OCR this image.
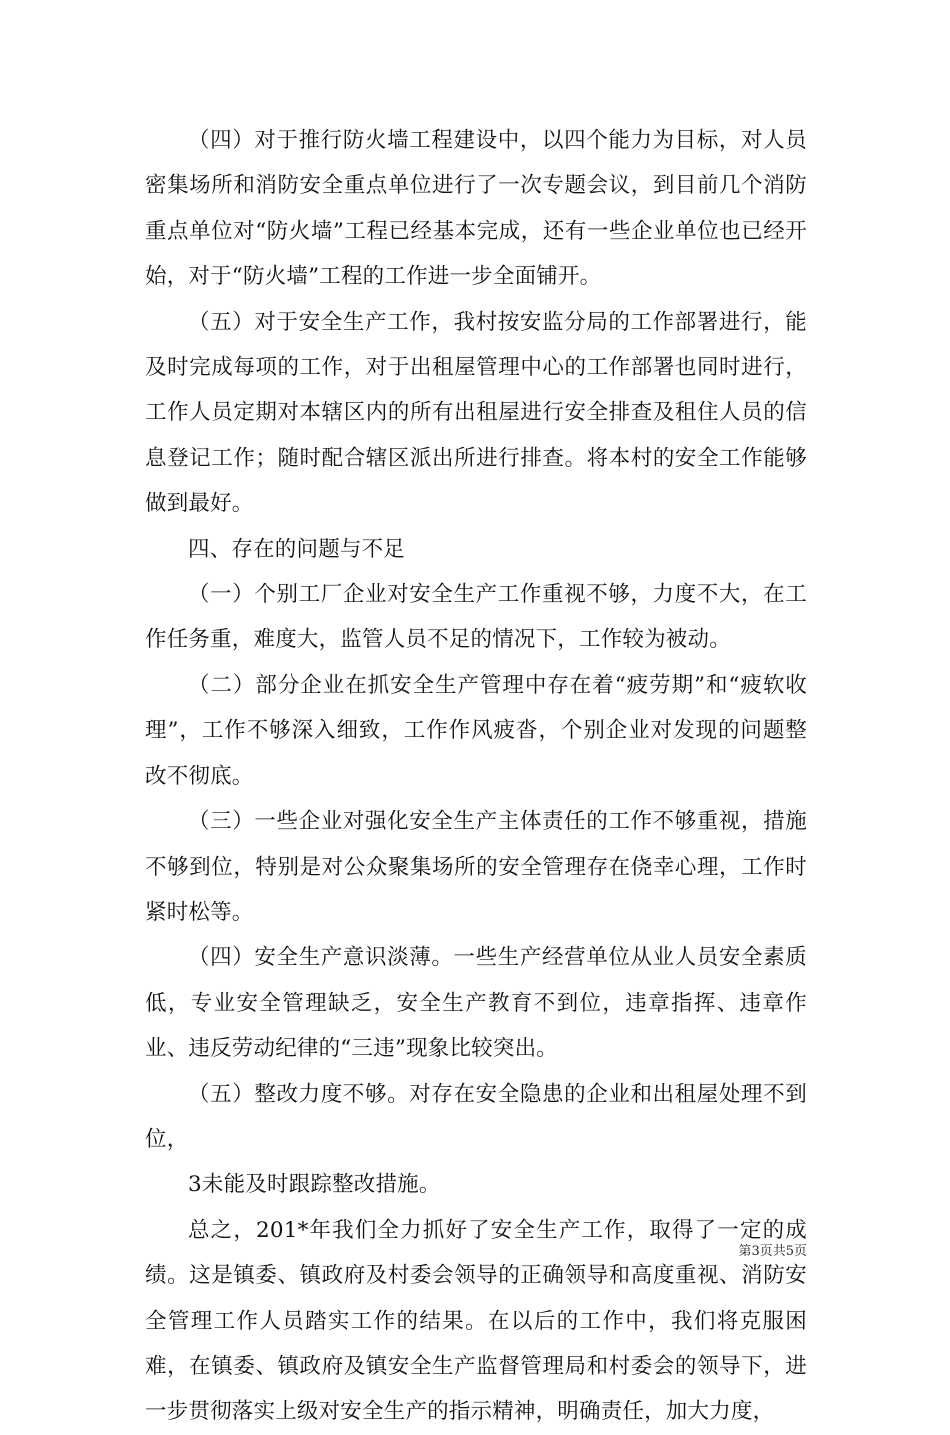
（四）对于推行防火墙工程建设中，以四个能力为目标，对人员密集场所和消防安全重点单位进行了一次专题会议，到目前几个消防重点单位对“防火墙”工程已经基本完成，还有一些企业单位也已经开始，对于“防火墙”工程的工作进一步全面铺开。

（五）对于安全生产工作，我村按安监分局的工作部署进行，能及时完成每项的工作，对于出租屋管理中心的工作部署也同时进行，工作人员定期对本辖区内的所有出租屋进行安全排查及租住人员的信息登记工作；随时配合辖区派出所进行排查。将本村的安全工作能够做到最好。

四、存在的问题与不足

（一）个别工厂企业对安全生产工作重视不够，力度不大，在工作任务重，难度大，监管人员不足的情况下，工作较为被动。

（二）部分企业在抓安全生产管理中存在着“疲劳期”和“疲软收理”，工作不够深入细致，工作作风疲沓，个别企业对发现的问题整改不彻底。

（三）一些企业对强化安全生产主体责任的工作不够重视，措施不够到位，特别是对公众聚集场所的安全管理存在侥幸心理，工作时紧时松等。

（四）安全生产意识淡薄。一些生产经营单位从业人员安全素质低，专业安全管理缺乏，安全生产教育不到位，违章指挥、违章作业、违反劳动纪律的“三违”现象比较突出。

（五）整改力度不够。对存在安全隐患的企业和出租屋处理不到位，

3未能及时跟踪整改措施。

总之，201*年我们全力抓好了安全生产工作，取得了一定的成绩。这是镇委、镇政府及村委会领导的正确领导和高度重视、消防安全管理工作人员踏实工作的结果。在以后的工作中，我们将克服困难，在镇委、镇政府及镇安全生产监督管理局和村委会的领导下，进一步贯彻落实上级对安全生产的指示精神，明确责任，加大力度，

第3页共5页
